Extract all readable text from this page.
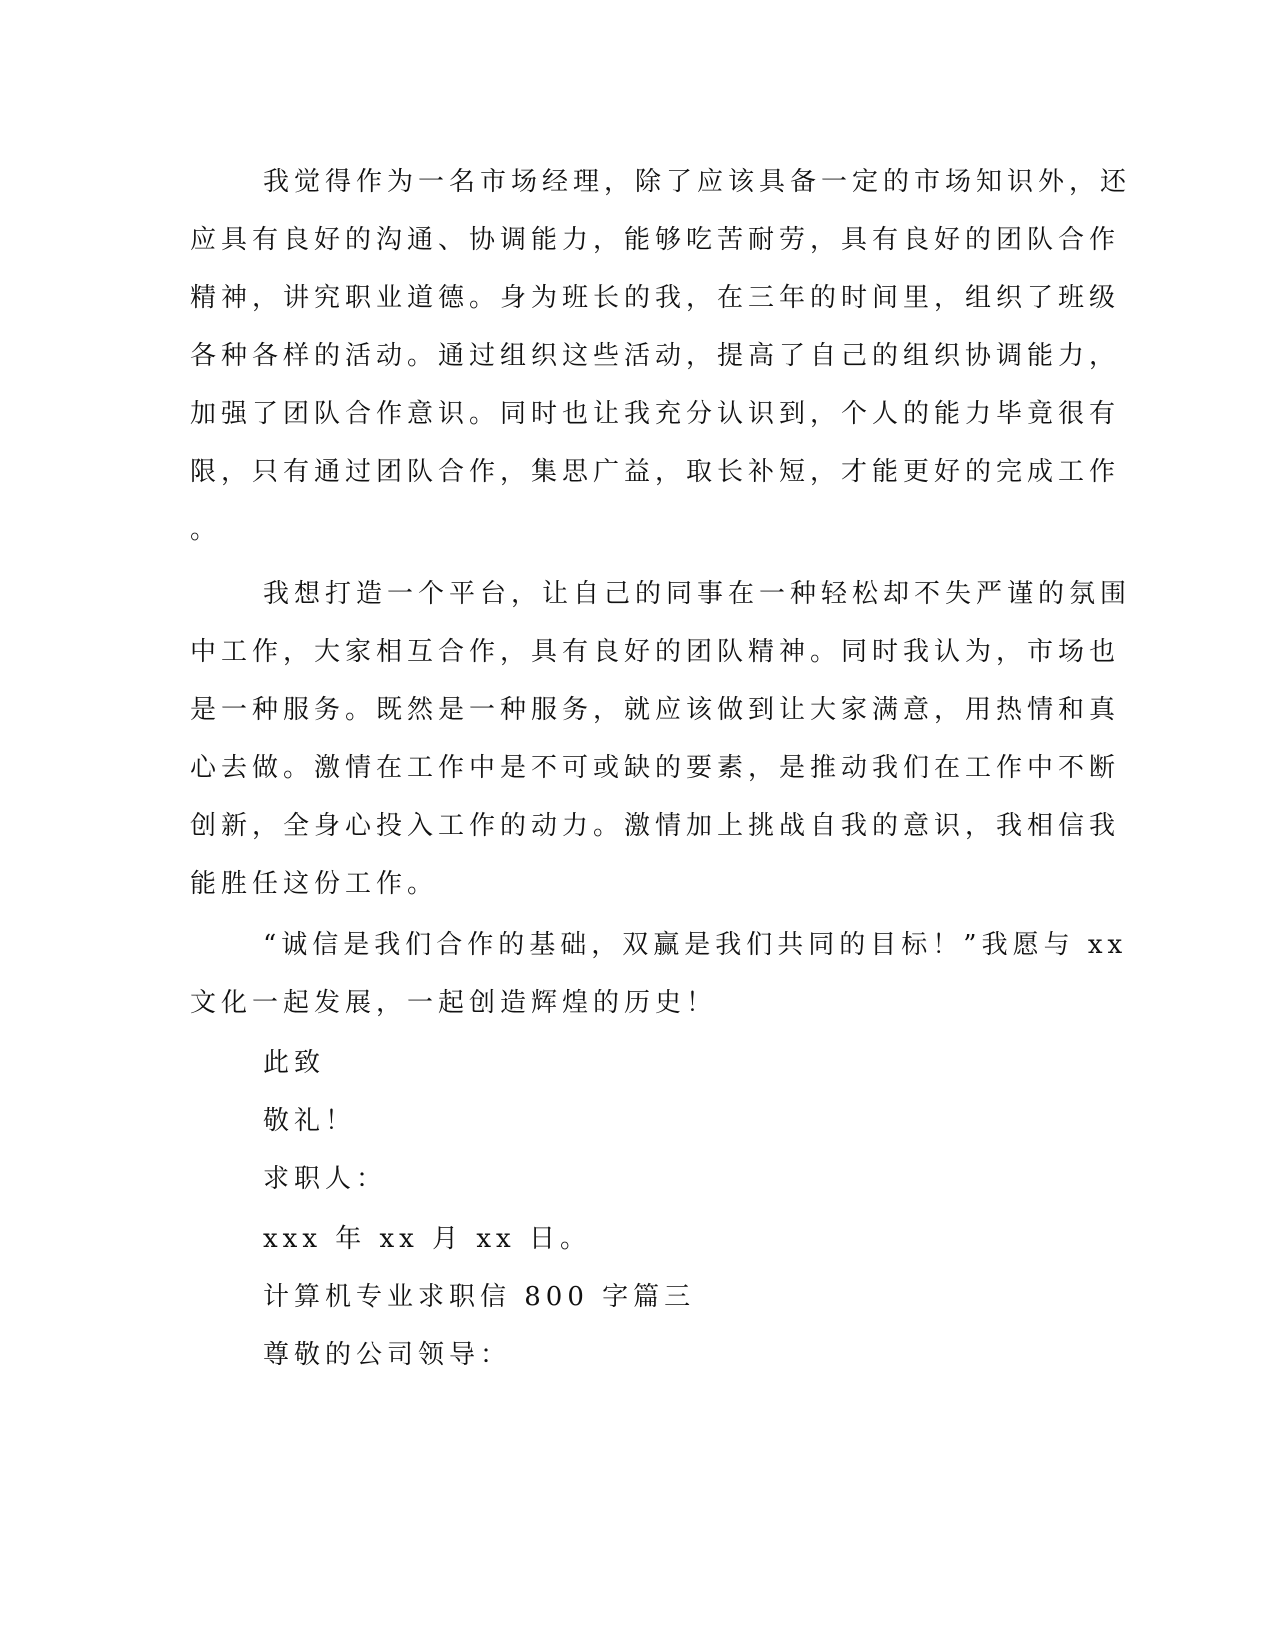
我觉得作为一名市场经理，除了应该具备一定的市场知识外，还
应具有良好的沟通、协调能力，能够吃苦耐劳，具有良好的团队合作
精神，讲究职业道德。身为班长的我，在三年的时间里，组织了班级
各种各样的活动。通过组织这些活动，提高了自己的组织协调能力，
加强了团队合作意识。同时也让我充分认识到，个人的能力毕竟很有
限，只有通过团队合作，集思广益，取长补短，才能更好的完成工作
。
我想打造一个平台，让自己的同事在一种轻松却不失严谨的氛围
中工作，大家相互合作，具有良好的团队精神。同时我认为，市场也
是一种服务。既然是一种服务，就应该做到让大家满意，用热情和真
心去做。激情在工作中是不可或缺的要素，是推动我们在工作中不断
创新，全身心投入工作的动力。激情加上挑战自我的意识，我相信我
能胜任这份工作。
“诚信是我们合作的基础，双赢是我们共同的目标！”我愿与 xx
文化一起发展，一起创造辉煌的历史！
此致
敬礼！
求职人：
xxx 年 xx 月 xx 日。
计算机专业求职信 800 字篇三
尊敬的公司领导：
